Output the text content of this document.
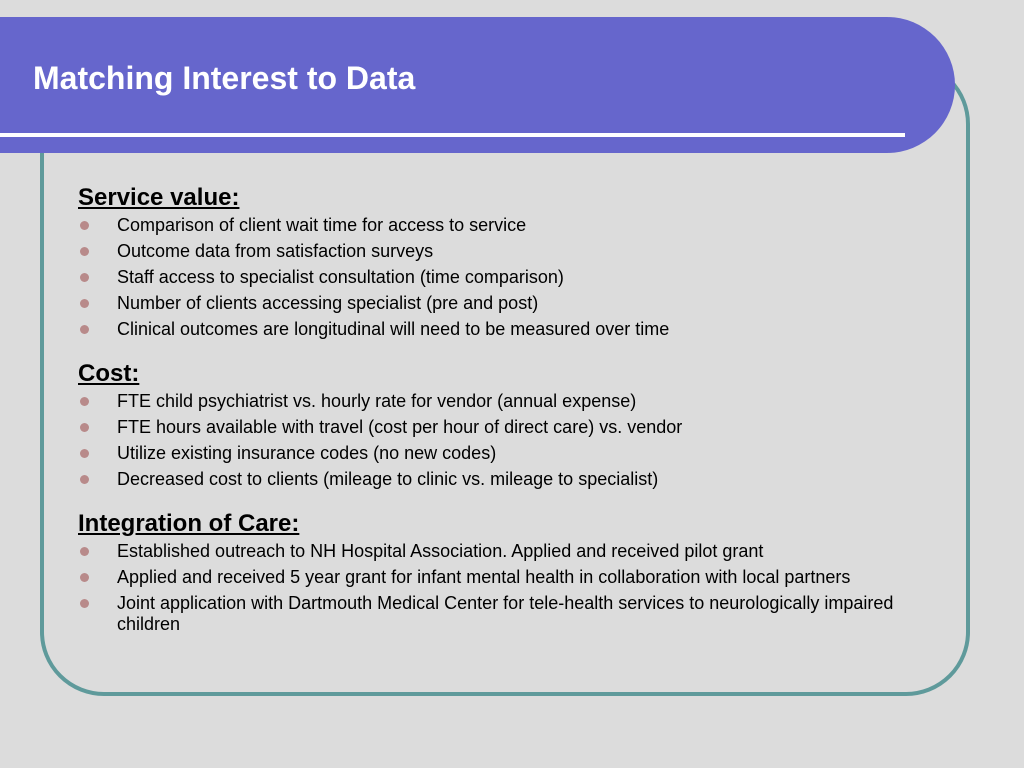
Matching Interest to Data
Service value:
Comparison of client wait time for access to service
Outcome data from satisfaction surveys
Staff access to specialist consultation (time comparison)
Number of clients accessing specialist (pre and post)
Clinical outcomes are longitudinal will need to be measured over time
Cost:
FTE child psychiatrist vs. hourly rate for vendor (annual expense)
FTE hours available with travel (cost per hour of direct care) vs. vendor
Utilize existing insurance codes (no new codes)
Decreased cost to clients (mileage to clinic vs. mileage to specialist)
Integration of Care:
Established outreach to NH Hospital Association. Applied and received pilot grant
Applied and received 5 year grant for infant mental health in collaboration with local partners
Joint application with Dartmouth Medical Center for tele-health services to neurologically impaired children
